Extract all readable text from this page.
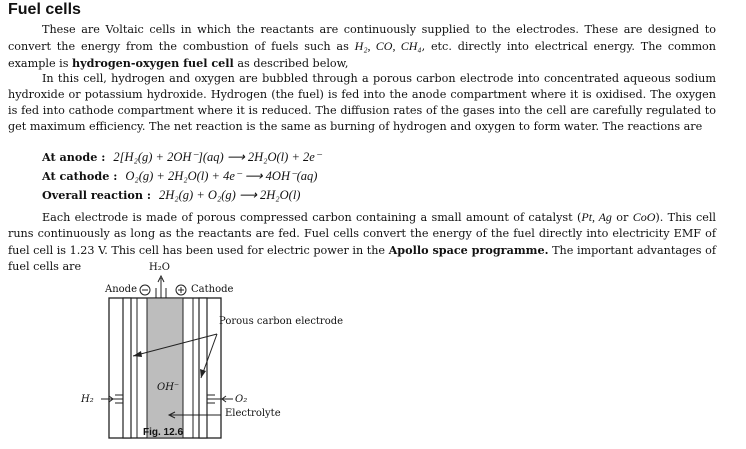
Fuel cells

These are Voltaic cells in which the reactants are continuously supplied to the electrodes. These are designed to convert the energy from the combustion of fuels such as H₂, CO, CH₄, etc. directly into electrical energy. The common example is hydrogen-oxygen fuel cell as described below,

In this cell, hydrogen and oxygen are bubbled through a porous carbon electrode into concentrated aqueous sodium hydroxide or potassium hydroxide. Hydrogen (the fuel) is fed into the anode compartment where it is oxidised. The oxygen is fed into cathode compartment where it is reduced. The diffusion rates of the gases into the cell are carefully regulated to get maximum efficiency. The net reaction is the same as burning of hydrogen and oxygen to form water. The reactions are

At anode : 2[H₂(g) + 2OH⁻](aq) ⟶ 2H₂O(l) + 2e⁻
At cathode : O₂(g) + 2H₂O(l) + 4e⁻ ⟶ 4OH⁻(aq)
Overall reaction : 2H₂(g) + O₂(g) ⟶ 2H₂O(l)

Each electrode is made of porous compressed carbon containing a small amount of catalyst (Pt, Ag or CoO). This cell runs continuously as long as the reactants are fed. Fuel cells convert the energy of the fuel directly into electricity EMF of fuel cell is 1.23 V. This cell has been used for electric power in the Apollo space programme. The important advantages of fuel cells are	H₂O
Anode	Cathode
Porous carbon electrode
OH⁻
H₂	O₂
Electrolyte
Fig. 12.6
